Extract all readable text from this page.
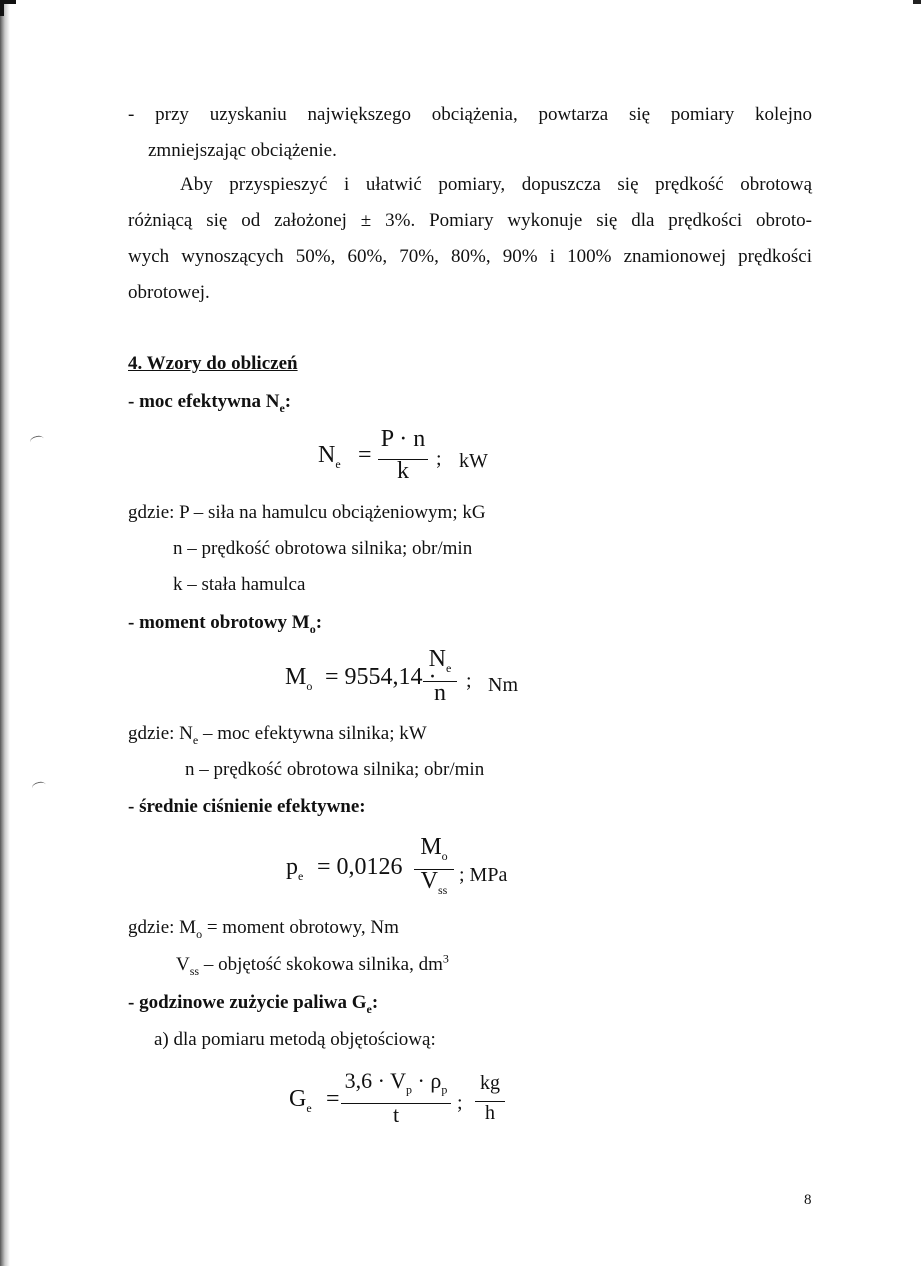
- przy uzyskaniu największego obciążenia, powtarza się pomiary kolejno
zmniejszając obciążenie.
Aby przyspieszyć i ułatwić pomiary, dopuszcza się prędkość obrotową
różniącą się od założonej ± 3%. Pomiary wykonuje się dla prędkości obroto-
wych wynoszących 50%, 60%, 70%, 80%, 90% i 100% znamionowej prędkości
obrotowej.
4. Wzory do obliczeń
- moc efektywna $N_e$:
$N_e$ =
P · n
k	; kW
gdzie: P – siła na hamulcu obciążeniowym; kG
n – prędkość obrotowa silnika; obr/min
k – stała hamulca
- moment obrotowy $M_o$:
$M_o = 9554,14$ ·
$N_e$
n	; Nm
gdzie: $N_e$ – moc efektywna silnika; kW
n – prędkość obrotowa silnika; obr/min
- średnie ciśnienie efektywne:
$p_e = 0,0126$
$M_o$
$V_{ss}$
; MPa
gdzie: $M_o$ = moment obrotowy, Nm
$V_{ss}$ – objętość skokowa silnika, $dm^3$
- godzinowe zużycie paliwa $G_e$:
a) dla pomiaru metodą objętościową:
$G_e$ =
$3,6 \cdot V_p \cdot \rho_p$
t	;
kg
h
8
